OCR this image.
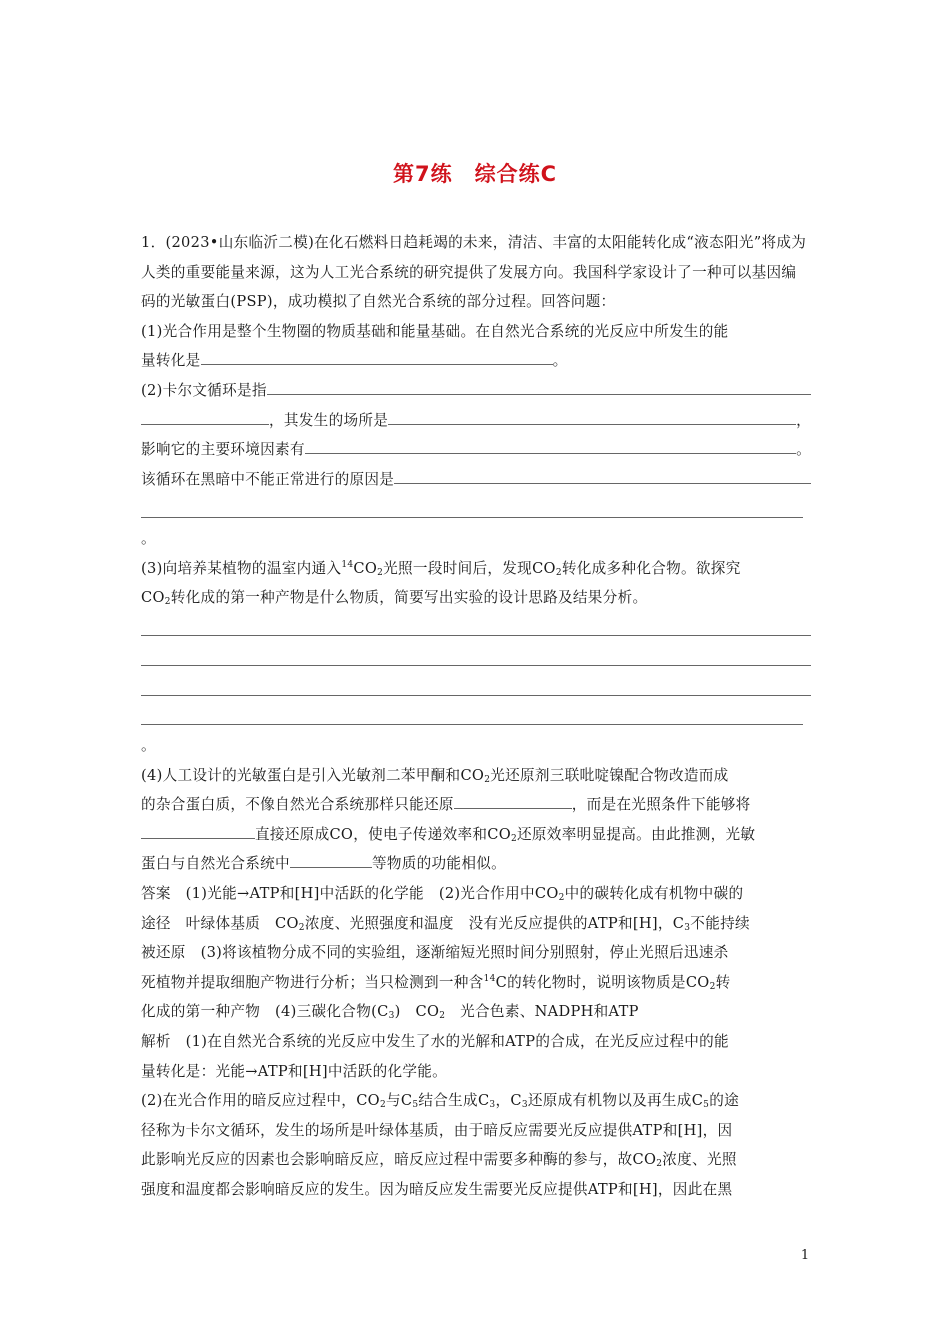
第7练　综合练C

1．(2023•山东临沂二模)在化石燃料日趋耗竭的未来，清洁、丰富的太阳能转化成“液态阳光”将成为人类的重要能量来源，这为人工光合系统的研究提供了发展方向。我国科学家设计了一种可以基因编码的光敏蛋白(PSP)，成功模拟了自然光合系统的部分过程。回答问题：

(1)光合作用是整个生物圈的物质基础和能量基础。在自然光合系统的光反应中所发生的能

量转化是	。

(2)卡尔文循环是指

，其发生的场所是	，

影响它的主要环境因素有	。

该循环在黑暗中不能正常进行的原因是

。

(3)向培养某植物的温室内通入$^{14}CO_2$光照一段时间后，发现$CO_2$转化成多种化合物。欲探究

$CO_2$转化成的第一种产物是什么物质，简要写出实验的设计思路及结果分析。

。

(4)人工设计的光敏蛋白是引入光敏剂二苯甲酮和$CO_2$光还原剂三联吡啶镍配合物改造而成

的杂合蛋白质，不像自然光合系统那样只能还原	，而是在光照条件下能够将

直接还原成CO，使电子传递效率和$CO_2$还原效率明显提高。由此推测，光敏

蛋白与自然光合系统中	等物质的功能相似。

答案　(1)光能→ATP和[H]中活跃的化学能　(2)光合作用中$CO_2$中的碳转化成有机物中碳的

途径　叶绿体基质　$CO_2$浓度、光照强度和温度　没有光反应提供的ATP和[H]，$C_3$不能持续

被还原　(3)将该植物分成不同的实验组，逐渐缩短光照时间分别照射，停止光照后迅速杀

死植物并提取细胞产物进行分析；当只检测到一种含$^{14}$C的转化物时，说明该物质是$CO_2$转

化成的第一种产物　(4)三碳化合物$(C_3)$　$CO_2$　光合色素、NADPH和ATP

解析　(1)在自然光合系统的光反应中发生了水的光解和ATP的合成，在光反应过程中的能

量转化是：光能→ATP和[H]中活跃的化学能。

(2)在光合作用的暗反应过程中，$CO_2$与$C_5$结合生成$C_3$，$C_3$还原成有机物以及再生成$C_5$的途

径称为卡尔文循环，发生的场所是叶绿体基质，由于暗反应需要光反应提供ATP和[H]，因

此影响光反应的因素也会影响暗反应，暗反应过程中需要多种酶的参与，故$CO_2$浓度、光照

强度和温度都会影响暗反应的发生。因为暗反应发生需要光反应提供ATP和[H]，因此在黑

1
